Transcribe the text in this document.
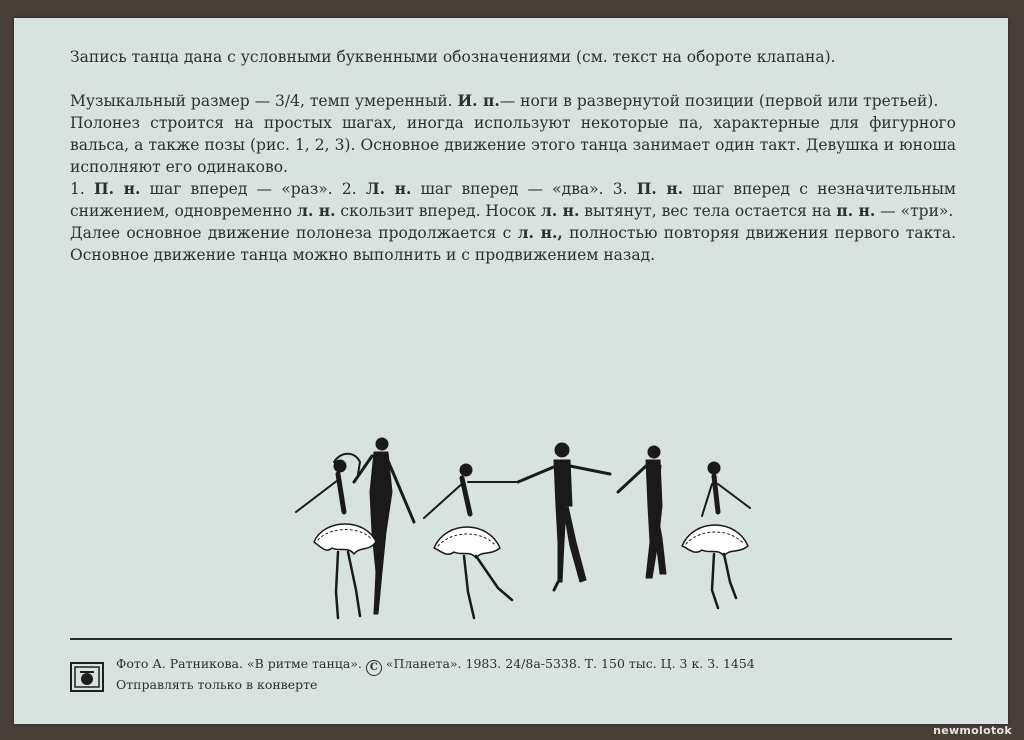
Запись танца дана с условными буквенными обозначениями (см. текст на обороте клапана).

Музыкальный размер — 3/4, темп умеренный. И. п.— ноги в развернутой позиции (первой или третьей).

Полонез строится на простых шагах, иногда используют некоторые па, характерные для фигурного вальса, а также позы (рис. 1, 2, 3). Основное движение этого танца занимает один такт. Девушка и юноша исполняют его одинаково.

1. П. н. шаг вперед — «раз». 2. Л. н. шаг вперед — «два». 3. П. н. шаг вперед с незначительным снижением, одновременно л. н. скользит вперед. Носок л. н. вытянут, вес тела остается на п. н. — «три».

Далее основное движение полонеза продолжается с л. н., полностью повторяя движения первого такта. Основное движение танца можно выполнить и с продвижением назад.

Фото А. Ратникова. «В ритме танца». С «Планета». 1983. 24/8а-5338. Т. 150 тыс. Ц. 3 к. З. 1454
Отправлять только в конверте
newmolotok
